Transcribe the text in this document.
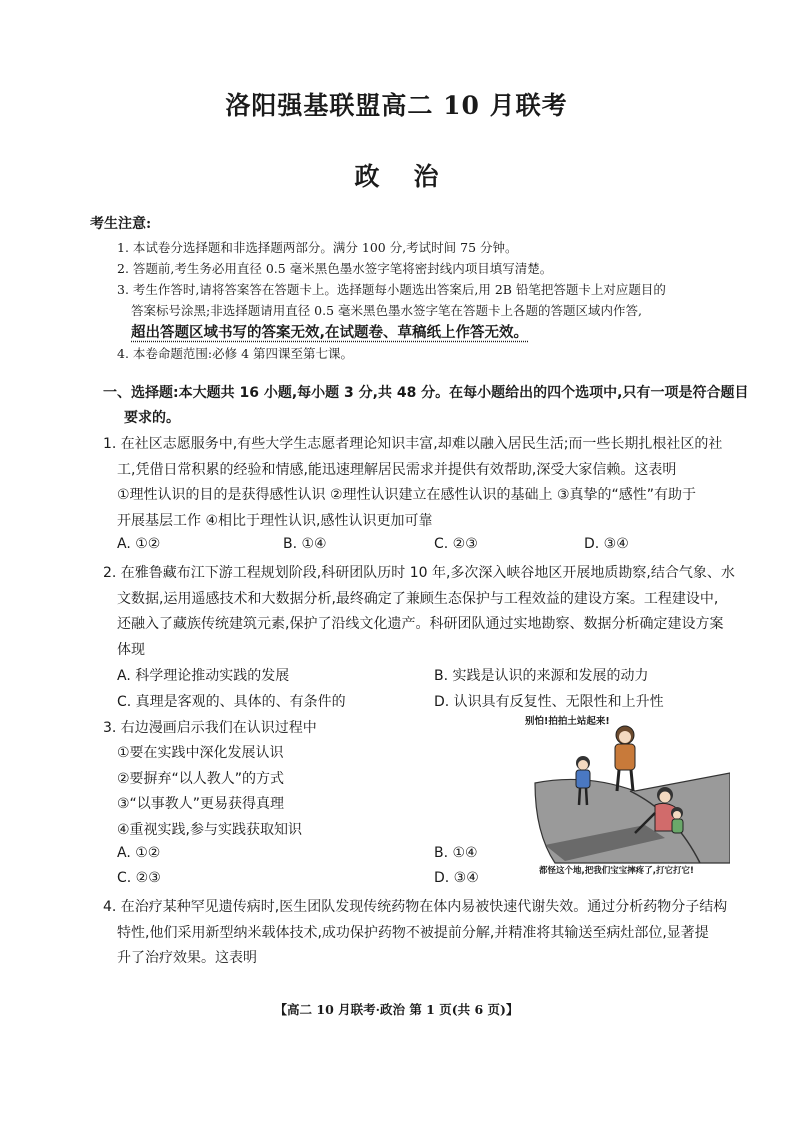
洛阳强基联盟高二 10 月联考
政治
考生注意:
1. 本试卷分选择题和非选择题两部分。满分 100 分,考试时间 75 分钟。
2. 答题前,考生务必用直径 0.5 毫米黑色墨水签字笔将密封线内项目填写清楚。
3. 考生作答时,请将答案答在答题卡上。选择题每小题选出答案后,用 2B 铅笔把答题卡上对应题目的
答案标号涂黑;非选择题请用直径 0.5 毫米黑色墨水签字笔在答题卡上各题的答题区域内作答,
超出答题区域书写的答案无效,在试题卷、草稿纸上作答无效。
4. 本卷命题范围:必修 4 第四课至第七课。
一、选择题:本大题共 16 小题,每小题 3 分,共 48 分。在每小题给出的四个选项中,只有一项是符合题目
要求的。
1. 在社区志愿服务中,有些大学生志愿者理论知识丰富,却难以融入居民生活;而一些长期扎根社区的社
工,凭借日常积累的经验和情感,能迅速理解居民需求并提供有效帮助,深受大家信赖。这表明
①理性认识的目的是获得感性认识 ②理性认识建立在感性认识的基础上 ③真挚的“感性”有助于
开展基层工作 ④相比于理性认识,感性认识更加可靠
A. ①②	B. ①④	C. ②③	D. ③④
2. 在雅鲁藏布江下游工程规划阶段,科研团队历时 10 年,多次深入峡谷地区开展地质勘察,结合气象、水
文数据,运用遥感技术和大数据分析,最终确定了兼顾生态保护与工程效益的建设方案。工程建设中,
还融入了藏族传统建筑元素,保护了沿线文化遗产。科研团队通过实地勘察、数据分析确定建设方案
体现
A. 科学理论推动实践的发展	B. 实践是认识的来源和发展的动力
C. 真理是客观的、具体的、有条件的	D. 认识具有反复性、无限性和上升性
3. 右边漫画启示我们在认识过程中
①要在实践中深化发展认识
②要摒弃“以人教人”的方式
③“以事教人”更易获得真理
④重视实践,参与实践获取知识
A. ①②	B. ①④
C. ②③	D. ③④
别怕!拍拍土站起来!
都怪这个地,把我们宝宝摔疼了,打它打它!
4. 在治疗某种罕见遗传病时,医生团队发现传统药物在体内易被快速代谢失效。通过分析药物分子结构
特性,他们采用新型纳米载体技术,成功保护药物不被提前分解,并精准将其输送至病灶部位,显著提
升了治疗效果。这表明
【高二 10 月联考·政治 第 1 页(共 6 页)】
